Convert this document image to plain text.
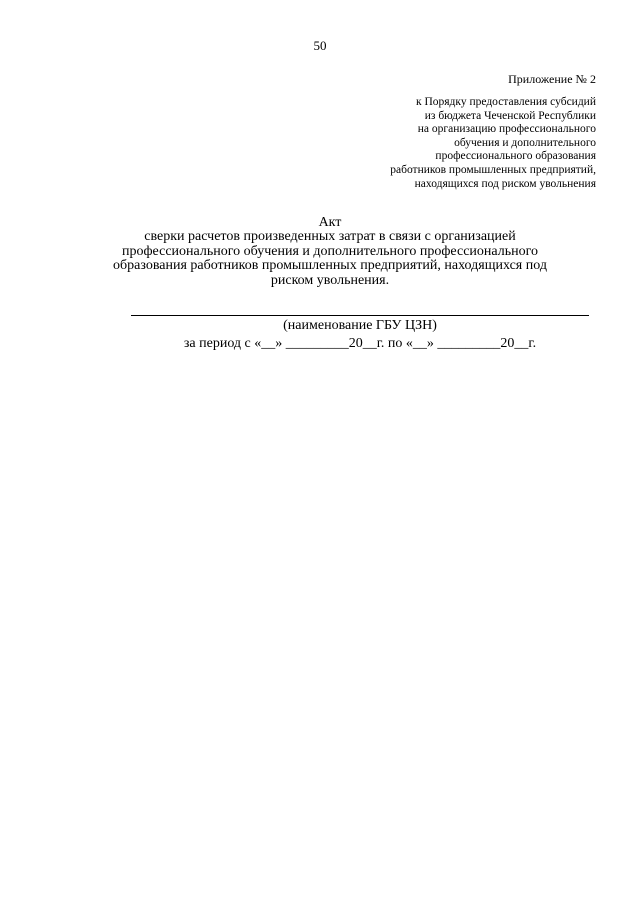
50
Приложение № 2
к Порядку предоставления субсидий
из бюджета Чеченской Республики
на организацию профессионального
обучения и дополнительного
профессионального образования
работников промышленных предприятий,
находящихся под риском увольнения
Акт
сверки расчетов произведенных затрат в связи с организацией
профессионального обучения и дополнительного профессионального
образования работников промышленных предприятий, находящихся под
риском увольнения.
(наименование ГБУ ЦЗН)
за период с «__» _________20__г. по «__» _________20__г.
